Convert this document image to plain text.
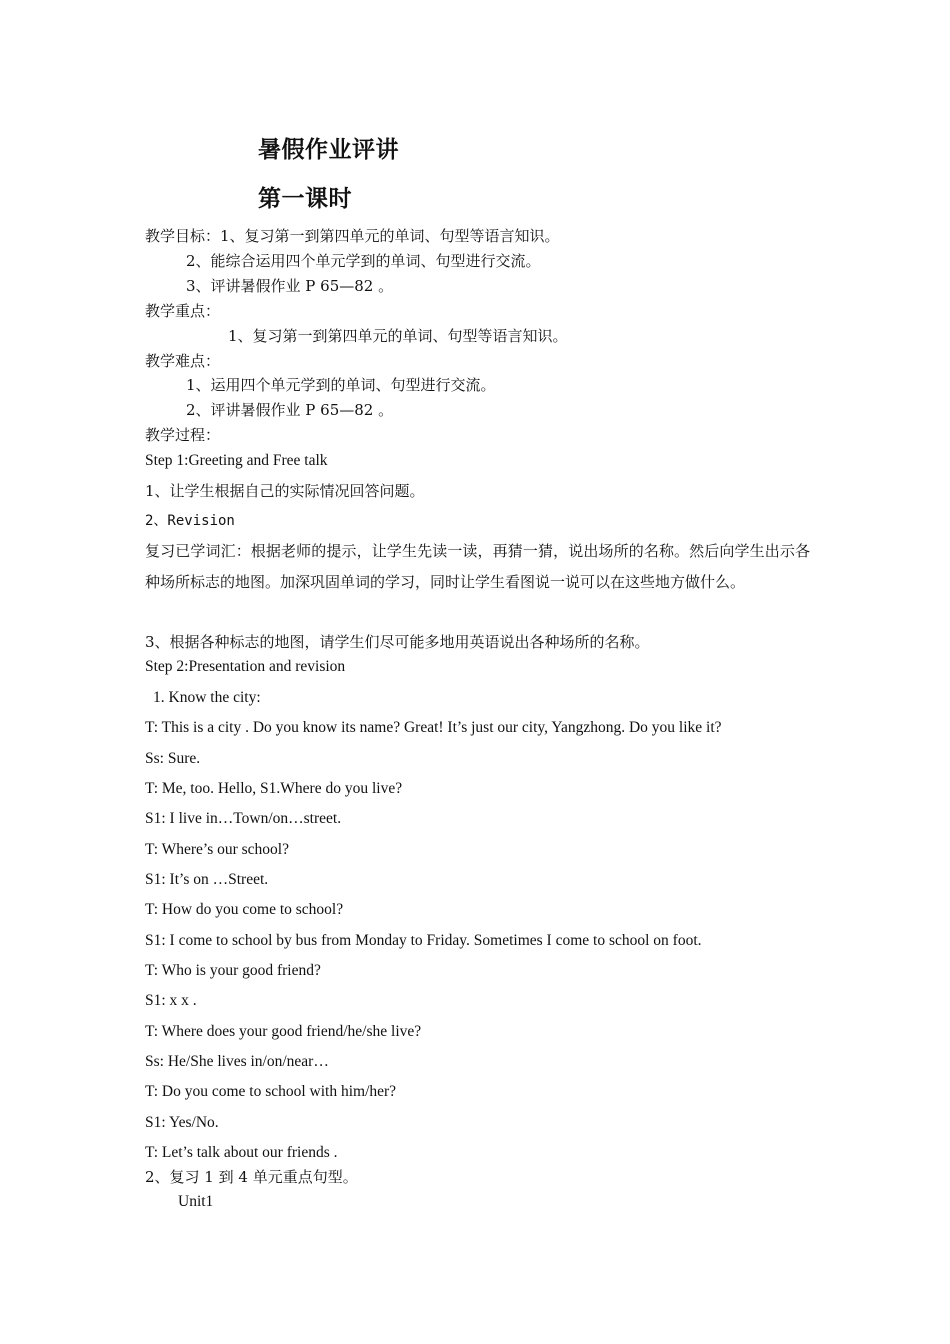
暑假作业评讲
第一课时
教学目标：1、复习第一到第四单元的单词、句型等语言知识。
2、能综合运用四个单元学到的单词、句型进行交流。
3、评讲暑假作业 P 65—82 。
教学重点：
1、复习第一到第四单元的单词、句型等语言知识。
教学难点：
1、运用四个单元学到的单词、句型进行交流。
2、评讲暑假作业 P 65—82 。
教学过程：
Step 1:Greeting and Free talk
1、让学生根据自己的实际情况回答问题。
2、Revision
复习已学词汇：根据老师的提示，让学生先读一读，再猜一猜，说出场所的名称。然后向学生出示各种场所标志的地图。加深巩固单词的学习，同时让学生看图说一说可以在这些地方做什么。
3、根据各种标志的地图，请学生们尽可能多地用英语说出各种场所的名称。
Step 2:Presentation and revision
1. Know the city:
T: This is a city . Do you know its name? Great! It’s just our city, Yangzhong. Do you like it?
Ss: Sure.
T: Me, too. Hello, S1.Where do you live?
S1: I live in…Town/on…street.
T: Where’s our school?
S1: It’s on …Street.
T: How do you come to school?
S1: I come to school by bus from Monday to Friday. Sometimes I come to school on foot.
T: Who is your good friend?
S1: x x .
T: Where does your good friend/he/she live?
Ss: He/She lives in/on/near…
T: Do you come to school with him/her?
S1: Yes/No.
T: Let’s talk about our friends .
2、复习 1 到 4 单元重点句型。
Unit1
